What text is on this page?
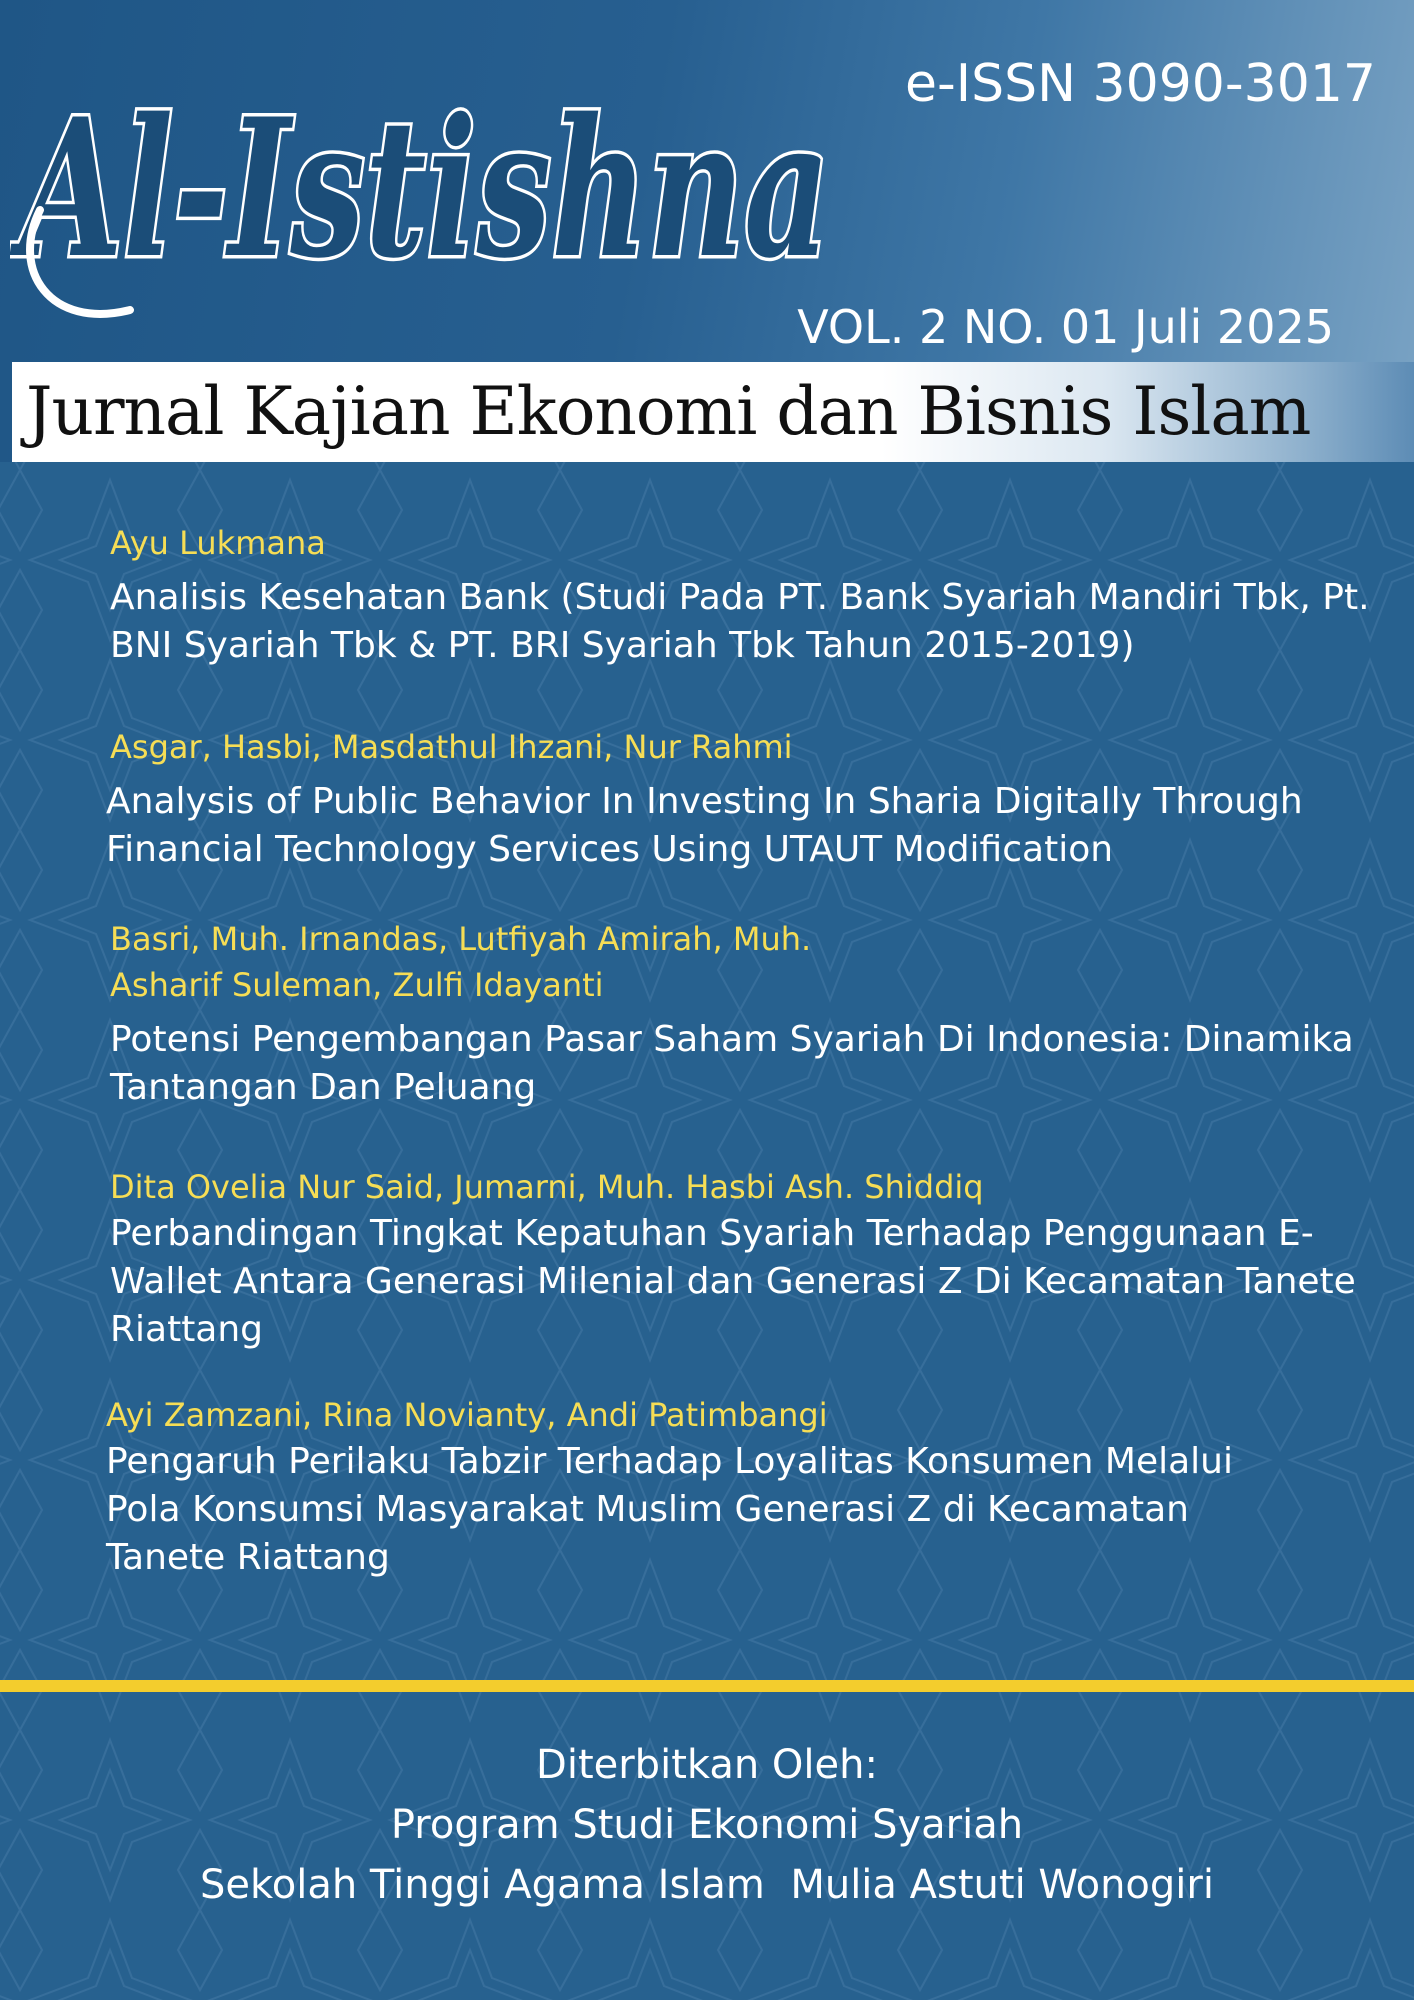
Al-Istishna e-ISSN 3090-3017
VOL. 2 NO. 01 Juli 2025
Jurnal Kajian Ekonomi dan Bisnis Islam
Ayu Lukmana
Analisis Kesehatan Bank (Studi Pada PT. Bank Syariah Mandiri Tbk, Pt. BNI Syariah Tbk & PT. BRI Syariah Tbk Tahun 2015-2019)
Asgar, Hasbi, Masdathul Ihzani, Nur Rahmi
Analysis of Public Behavior In Investing In Sharia Digitally Through Financial Technology Services Using UTAUT Modification
Basri, Muh. Irnandas, Lutfiyah Amirah, Muh. Asharif Suleman, Zulfi Idayanti
Potensi Pengembangan Pasar Saham Syariah Di Indonesia: Dinamika Tantangan Dan Peluang
Dita Ovelia Nur Said, Jumarni, Muh. Hasbi Ash. Shiddiq
Perbandingan Tingkat Kepatuhan Syariah Terhadap Penggunaan E-Wallet Antara Generasi Milenial dan Generasi Z Di Kecamatan Tanete Riattang
Ayi Zamzani, Rina Novianty, Andi Patimbangi
Pengaruh Perilaku Tabzir Terhadap Loyalitas Konsumen Melalui Pola Konsumsi Masyarakat Muslim Generasi Z di Kecamatan Tanete Riattang
Diterbitkan Oleh:
Program Studi Ekonomi Syariah
Sekolah Tinggi Agama Islam  Mulia Astuti Wonogiri
